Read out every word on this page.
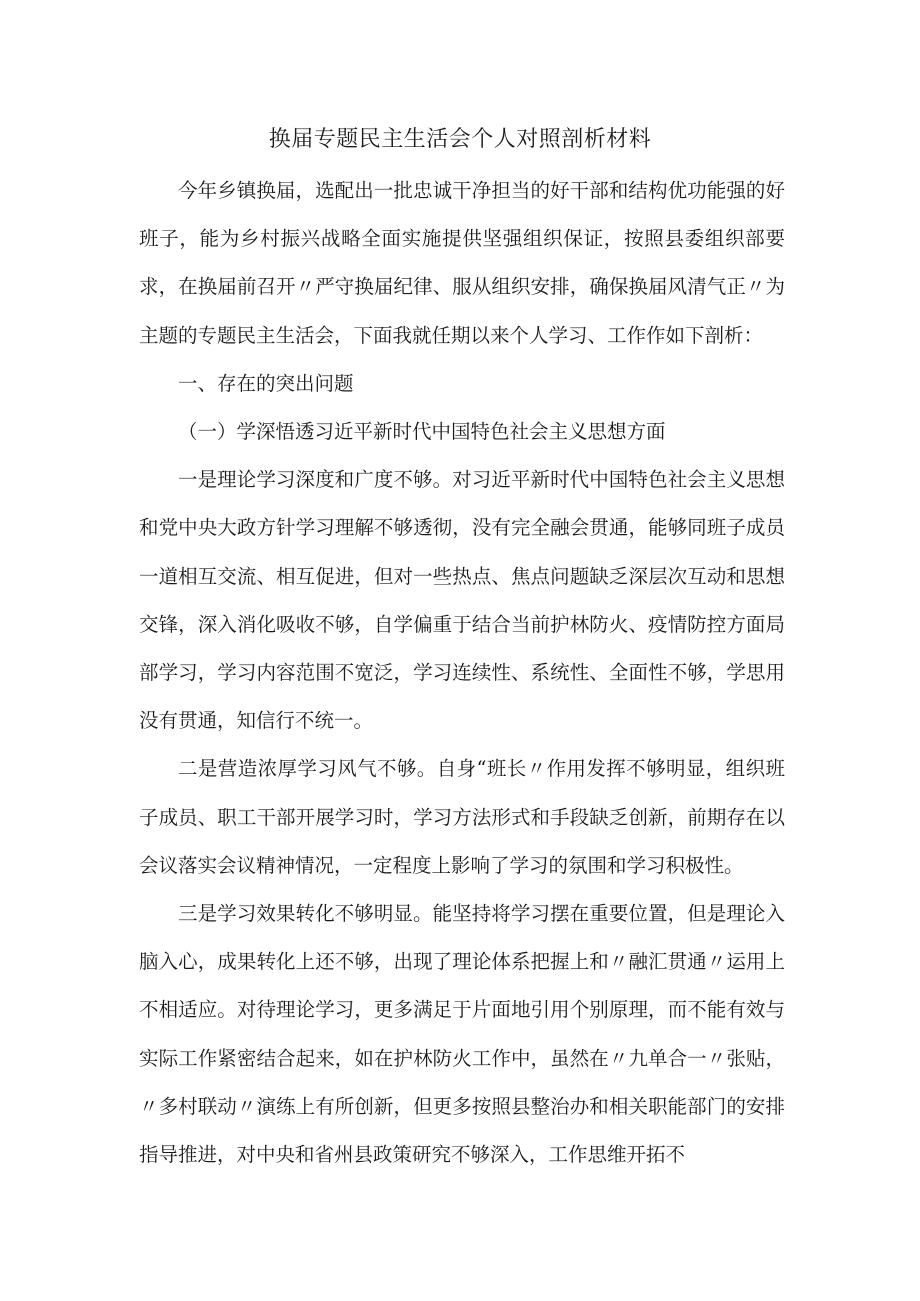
换届专题民主生活会个人对照剖析材料

今年乡镇换届，选配出一批忠诚干净担当的好干部和结构优功能强的好班子，能为乡村振兴战略全面实施提供坚强组织保证，按照县委组织部要求，在换届前召开〃严守换届纪律、服从组织安排，确保换届风清气正〃为主题的专题民主生活会，下面我就任期以来个人学习、工作作如下剖析：

一、存在的突出问题

（一）学深悟透习近平新时代中国特色社会主义思想方面

一是理论学习深度和广度不够。对习近平新时代中国特色社会主义思想和党中央大政方针学习理解不够透彻，没有完全融会贯通，能够同班子成员一道相互交流、相互促进，但对一些热点、焦点问题缺乏深层次互动和思想交锋，深入消化吸收不够，自学偏重于结合当前护林防火、疫情防控方面局部学习，学习内容范围不宽泛，学习连续性、系统性、全面性不够，学思用没有贯通，知信行不统一。

二是营造浓厚学习风气不够。自身“班长〃作用发挥不够明显，组织班子成员、职工干部开展学习时，学习方法形式和手段缺乏创新，前期存在以会议落实会议精神情况，一定程度上影响了学习的氛围和学习积极性。

三是学习效果转化不够明显。能坚持将学习摆在重要位置，但是理论入脑入心，成果转化上还不够，出现了理论体系把握上和〃融汇贯通〃运用上不相适应。对待理论学习，更多满足于片面地引用个别原理，而不能有效与实际工作紧密结合起来，如在护林防火工作中，虽然在〃九单合一〃张贴，〃多村联动〃演练上有所创新，但更多按照县整治办和相关职能部门的安排指导推进，对中央和省州县政策研究不够深入，工作思维开拓不
